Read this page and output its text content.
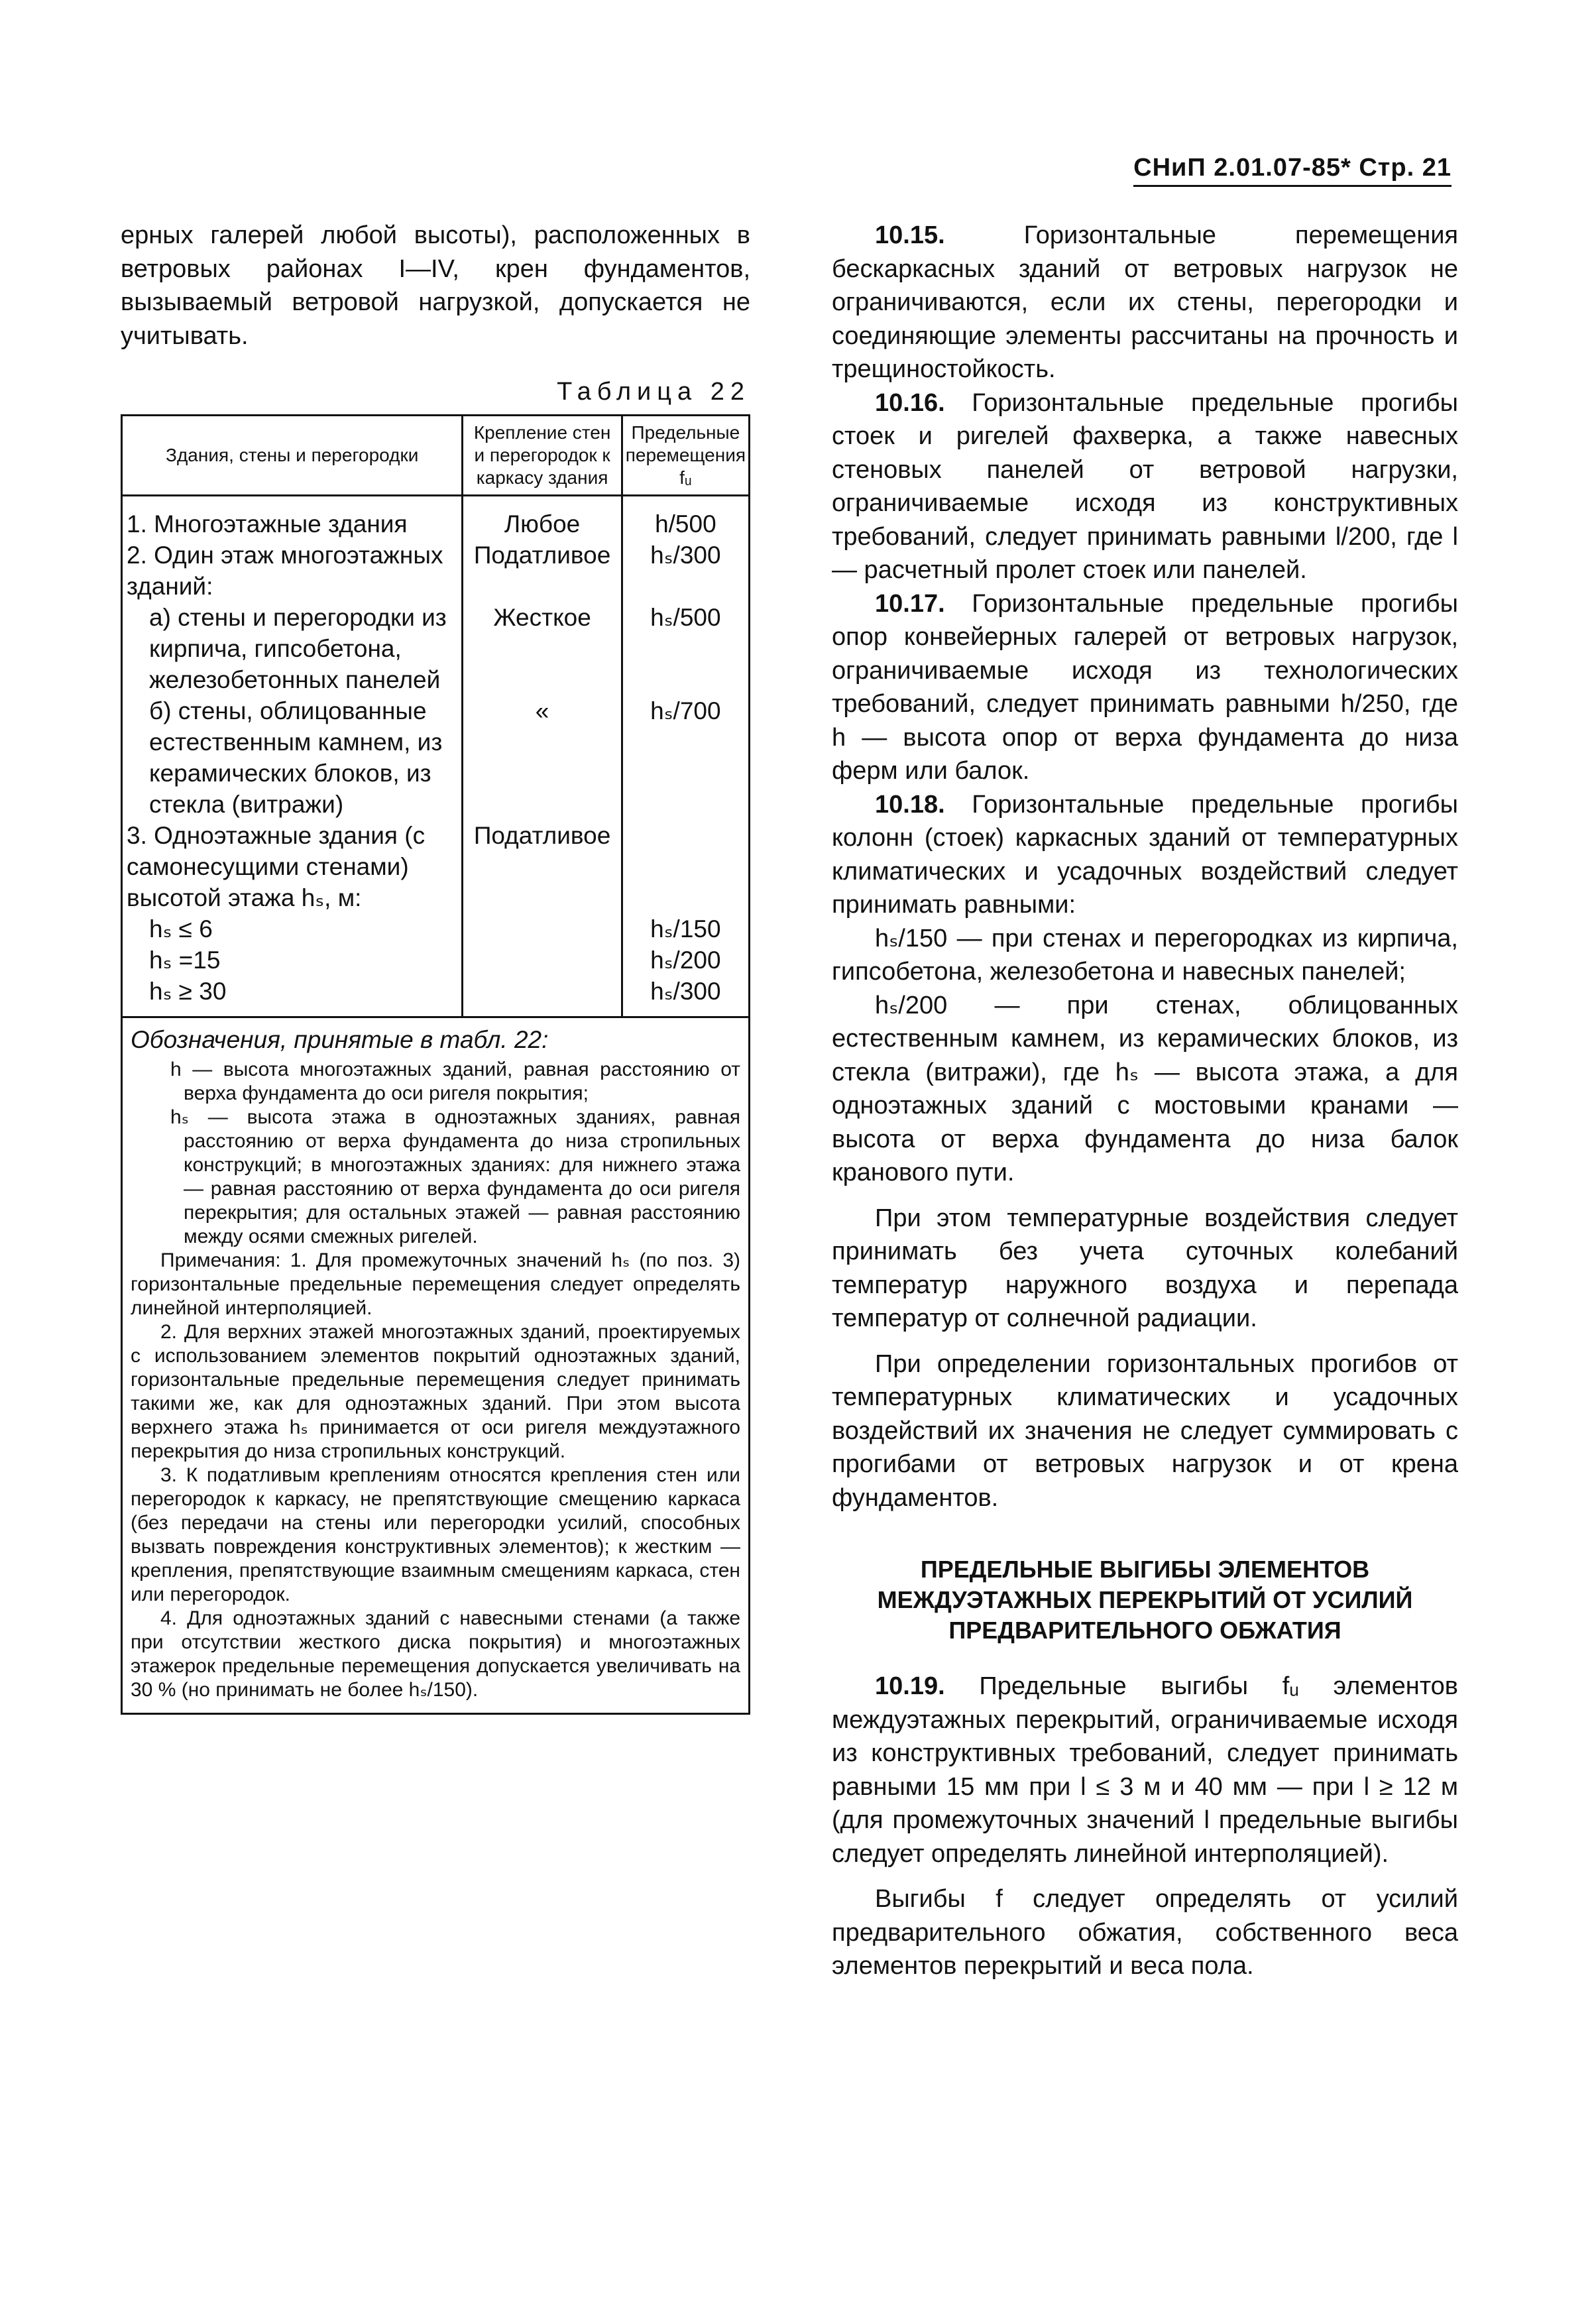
СНиП 2.01.07-85* Стр. 21

ерных галерей любой высоты), расположенных в ветровых районах I—IV, крен фундаментов, вызываемый ветровой нагрузкой, допускается не учитывать.

Таблица 22
Здания, стены и перегородки	Крепление стен и перегородок к каркасу здания	Предельные перемещения fᵤ
1. Многоэтажные здания	Любое	h/500
2. Один этаж многоэтажных зданий:	Податливое	hₛ/300
а) стены и перегородки из кирпича, гипсобетона, железобетонных панелей	Жесткое	hₛ/500
б) стены, облицованные естественным камнем, из керамических блоков, из стекла (витражи)	«	hₛ/700
3. Одноэтажные здания (с самонесущими стенами) высотой этажа hₛ, м:	Податливое	
hₛ ≤ 6		hₛ/150
hₛ =15		hₛ/200
hₛ ≥ 30		hₛ/300

Обозначения, принятые в табл. 22:

h — высота многоэтажных зданий, равная расстоянию от верха фундамента до оси ригеля покрытия;

hₛ — высота этажа в одноэтажных зданиях, равная расстоянию от верха фундамента до низа стропильных конструкций; в многоэтажных зданиях: для нижнего этажа — равная расстоянию от верха фундамента до оси ригеля перекрытия; для остальных этажей — равная расстоянию между осями смежных ригелей.

Примечания: 1. Для промежуточных значений hₛ (по поз. 3) горизонтальные предельные перемещения следует определять линейной интерполяцией.

2. Для верхних этажей многоэтажных зданий, проектируемых с использованием элементов покрытий одноэтажных зданий, горизонтальные предельные перемещения следует принимать такими же, как для одноэтажных зданий. При этом высота верхнего этажа hₛ принимается от оси ригеля междуэтажного перекрытия до низа стропильных конструкций.

3. К податливым креплениям относятся крепления стен или перегородок к каркасу, не препятствующие смещению каркаса (без передачи на стены или перегородки усилий, способных вызвать повреждения конструктивных элементов); к жестким — крепления, препятствующие взаимным смещениям каркаса, стен или перегородок.

4. Для одноэтажных зданий с навесными стенами (а также при отсутствии жесткого диска покрытия) и многоэтажных этажерок предельные перемещения допускается увеличивать на 30 % (но принимать не более hₛ/150).

10.15.	Горизонтальные перемещения бескаркасных зданий от ветровых нагрузок не ограничиваются, если их стены, перегородки и соединяющие элементы рассчитаны на прочность и трещиностойкость.

10.16. Горизонтальные предельные прогибы стоек и ригелей фахверка, а также навесных стеновых панелей от ветровой нагрузки, ограничиваемые исходя из конструктивных требований, следует принимать равными l/200, где l — расчетный пролет стоек или панелей.

10.17. Горизонтальные предельные прогибы опор конвейерных галерей от ветровых нагрузок, ограничиваемые исходя из технологических требований, следует принимать равными h/250, где h — высота опор от верха фундамента до низа ферм или балок.

10.18. Горизонтальные предельные прогибы колонн (стоек) каркасных зданий от температурных климатических и усадочных воздействий следует принимать равными:

hₛ/150 — при стенах и перегородках из кирпича, гипсобетона, железобетона и навесных панелей;

hₛ/200 — при стенах, облицованных естественным камнем, из керамических блоков, из стекла (витражи), где hₛ — высота этажа, а для одноэтажных зданий с мостовыми кранами — высота от верха фундамента до низа балок кранового пути.

При этом температурные воздействия следует принимать без учета суточных колебаний температур наружного воздуха и перепада температур от солнечной радиации.

При определении горизонтальных прогибов от температурных климатических и усадочных воздействий их значения не следует суммировать с прогибами от ветровых нагрузок и от крена фундаментов.

ПРЕДЕЛЬНЫЕ ВЫГИБЫ ЭЛЕМЕНТОВ МЕЖДУЭТАЖНЫХ ПЕРЕКРЫТИЙ ОТ УСИЛИЙ ПРЕДВАРИТЕЛЬНОГО ОБЖАТИЯ

10.19. Предельные выгибы fᵤ элементов междуэтажных перекрытий, ограничиваемые исходя из конструктивных требований, следует принимать равными 15 мм при l ≤ 3 м и 40 мм — при l ≥ 12 м (для промежуточных значений l предельные выгибы следует определять линейной интерполяцией).

Выгибы f следует определять от усилий предварительного обжатия, собственного веса элементов перекрытий и веса пола.
